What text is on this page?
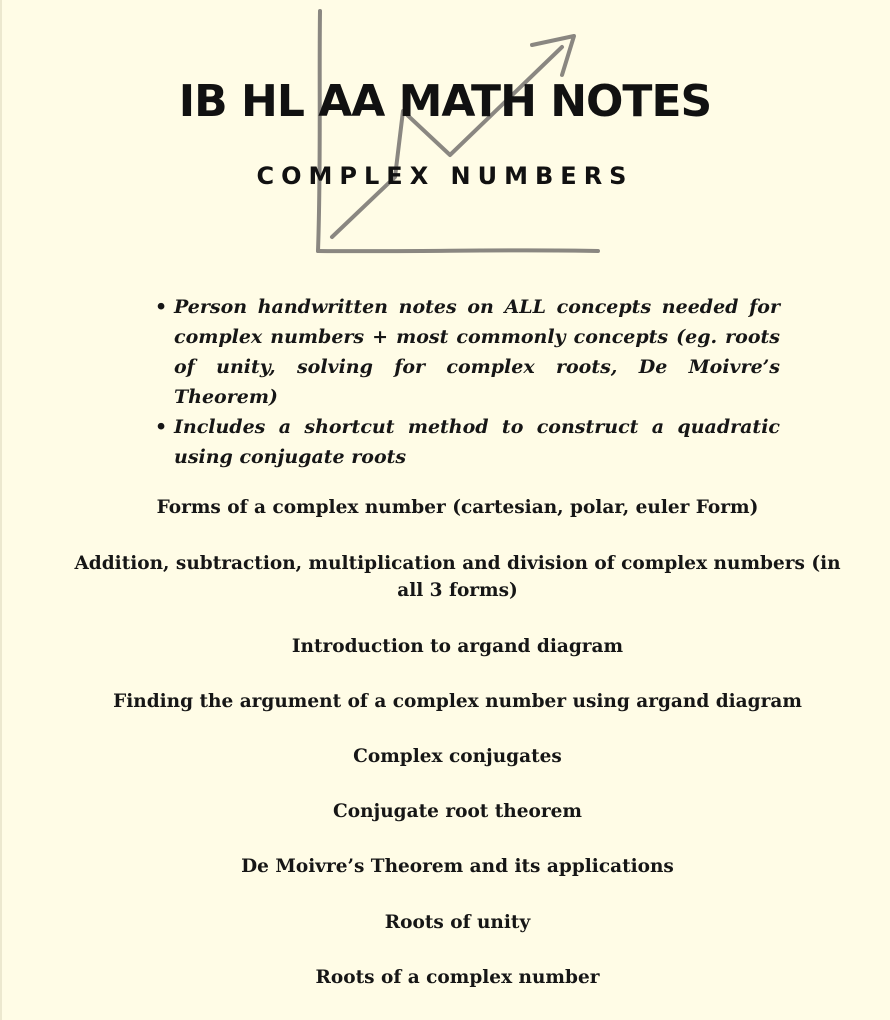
IB HL AA MATH NOTES
COMPLEX NUMBERS
• Person handwritten notes on ALL concepts needed for complex numbers + most commonly concepts (eg. roots of unity, solving for complex roots, De Moivre’s Theorem)
• Includes a shortcut method to construct a quadratic using conjugate roots
Forms of a complex number (cartesian, polar, euler Form)
Addition, subtraction, multiplication and division of complex numbers (in all 3 forms)
Introduction to argand diagram
Finding the argument of a complex number using argand diagram
Complex conjugates
Conjugate root theorem
De Moivre’s Theorem and its applications
Roots of unity
Roots of a complex number
